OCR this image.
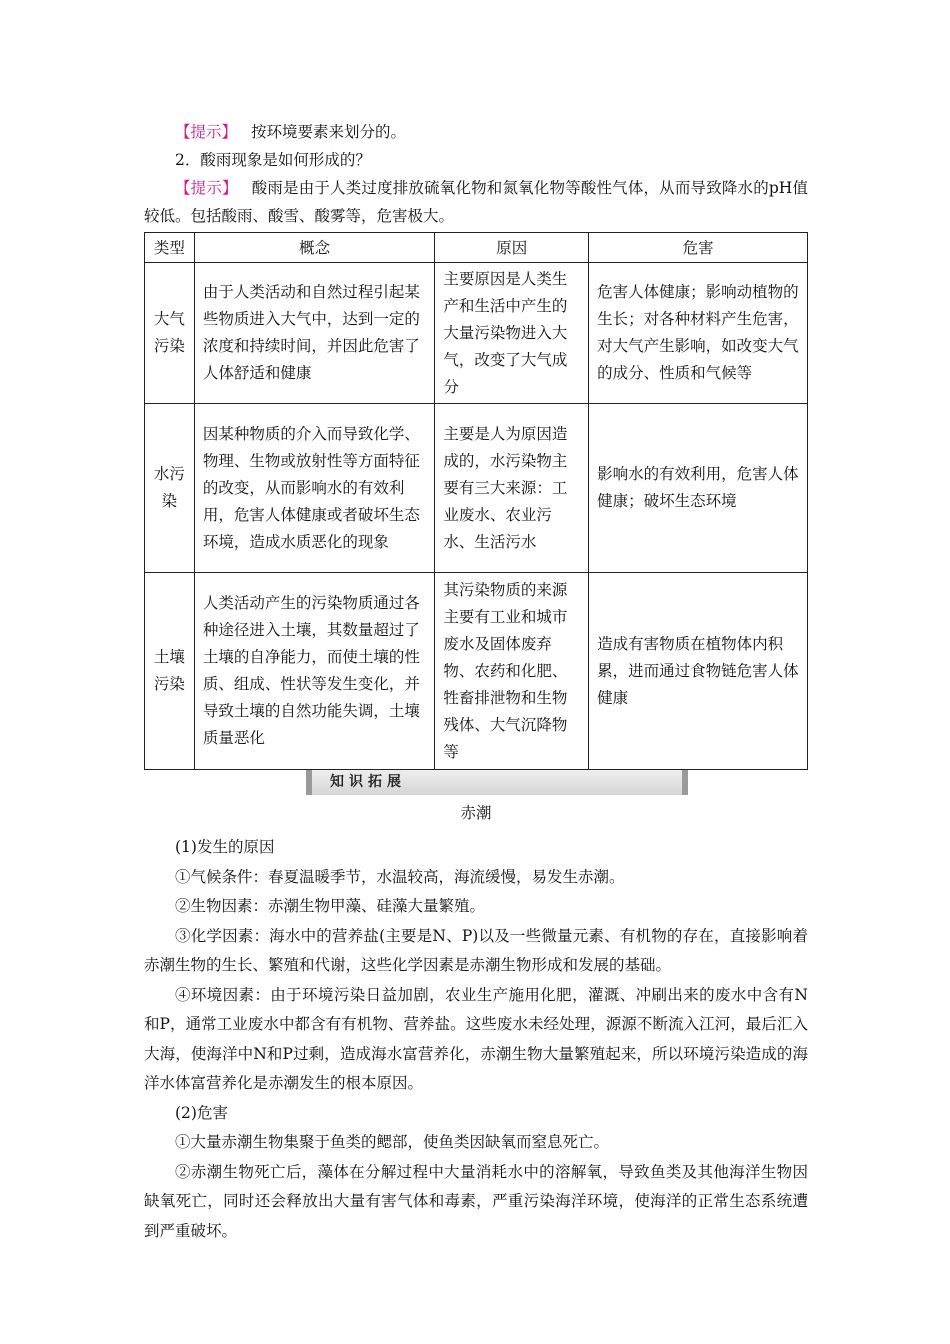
【提示】 按环境要素来划分的。

2．酸雨现象是如何形成的？

【提示】 酸雨是由于人类过度排放硫氧化物和氮氧化物等酸性气体，从而导致降水的pH值较低。包括酸雨、酸雪、酸雾等，危害极大。

类型	概念	原因	危害
大气污染	由于人类活动和自然过程引起某些物质进入大气中，达到一定的浓度和持续时间，并因此危害了人体舒适和健康	主要原因是人类生产和生活中产生的大量污染物进入大气，改变了大气成分	危害人体健康；影响动植物的生长；对各种材料产生危害，对大气产生影响，如改变大气的成分、性质和气候等
水污染	因某种物质的介入而导致化学、物理、生物或放射性等方面特征的改变，从而影响水的有效利用，危害人体健康或者破坏生态环境，造成水质恶化的现象	主要是人为原因造成的，水污染物主要有三大来源：工业废水、农业污水、生活污水	影响水的有效利用，危害人体健康；破坏生态环境
土壤污染	人类活动产生的污染物质通过各种途径进入土壤，其数量超过了土壤的自净能力，而使土壤的性质、组成、性状等发生变化，并导致土壤的自然功能失调，土壤质量恶化	其污染物质的来源主要有工业和城市废水及固体废弃物、农药和化肥、牲畜排泄物和生物残体、大气沉降物等	造成有害物质在植物体内积累，进而通过食物链危害人体健康
知识拓展

赤潮

(1)发生的原因

①气候条件：春夏温暖季节，水温较高，海流缓慢，易发生赤潮。

②生物因素：赤潮生物甲藻、硅藻大量繁殖。

③化学因素：海水中的营养盐(主要是N、P)以及一些微量元素、有机物的存在，直接影响着赤潮生物的生长、繁殖和代谢，这些化学因素是赤潮生物形成和发展的基础。

④环境因素：由于环境污染日益加剧，农业生产施用化肥，灌溉、冲刷出来的废水中含有N和P，通常工业废水中都含有有机物、营养盐。这些废水未经处理，源源不断流入江河，最后汇入大海，使海洋中N和P过剩，造成海水富营养化，赤潮生物大量繁殖起来，所以环境污染造成的海洋水体富营养化是赤潮发生的根本原因。

(2)危害

①大量赤潮生物集聚于鱼类的鳃部，使鱼类因缺氧而窒息死亡。

②赤潮生物死亡后，藻体在分解过程中大量消耗水中的溶解氧，导致鱼类及其他海洋生物因缺氧死亡，同时还会释放出大量有害气体和毒素，严重污染海洋环境，使海洋的正常生态系统遭到严重破坏。
